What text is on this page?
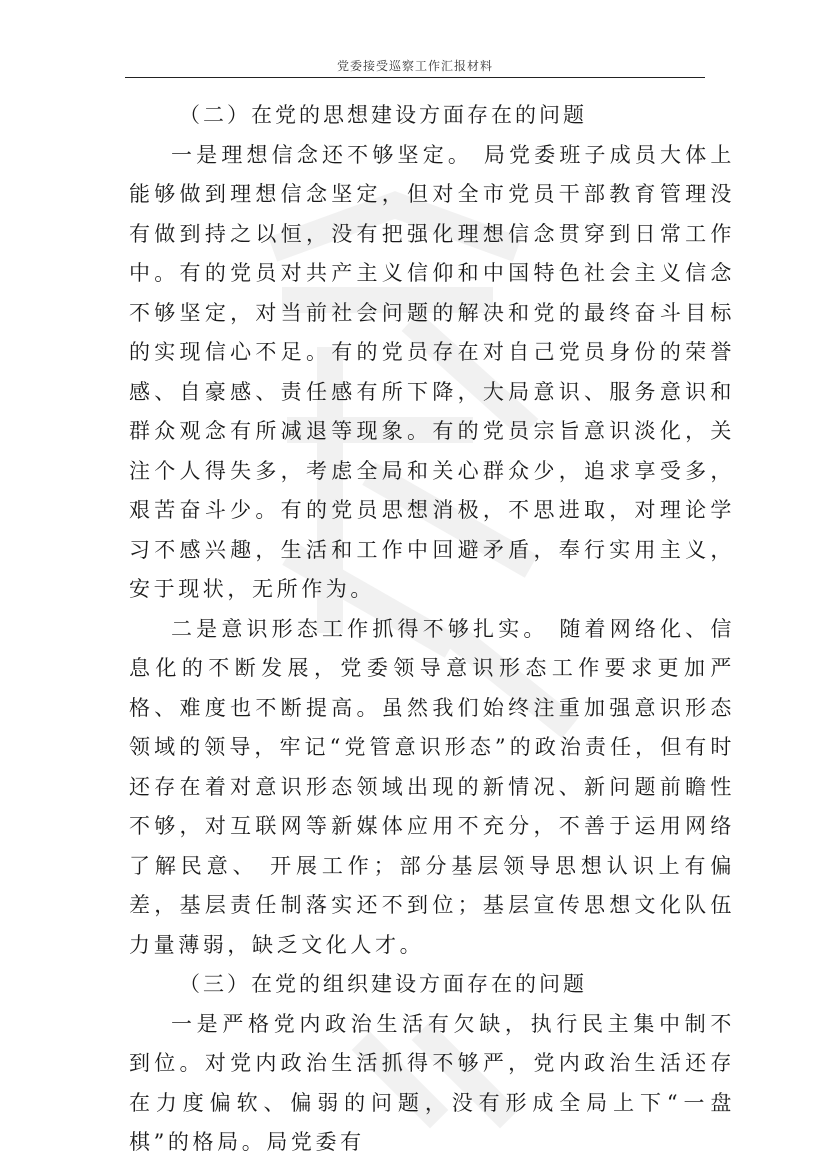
党委接受巡察工作汇报材料
（二）在党的思想建设方面存在的问题

一是理想信念还不够坚定。 局党委班子成员大体上能够做到理想信念坚定，但对全市党员干部教育管理没有做到持之以恒，没有把强化理想信念贯穿到日常工作中。有的党员对共产主义信仰和中国特色社会主义信念不够坚定，对当前社会问题的解决和党的最终奋斗目标的实现信心不足。有的党员存在对自己党员身份的荣誉感、自豪感、责任感有所下降，大局意识、服务意识和群众观念有所减退等现象。有的党员宗旨意识淡化，关注个人得失多，考虑全局和关心群众少，追求享受多， 艰苦奋斗少。有的党员思想消极，不思进取，对理论学习不感兴趣，生活和工作中回避矛盾，奉行实用主义， 安于现状，无所作为。

二是意识形态工作抓得不够扎实。 随着网络化、信息化的不断发展，党委领导意识形态工作要求更加严格、难度也不断提高。虽然我们始终注重加强意识形态领域的领导，牢记“党管意识形态”的政治责任，但有时还存在着对意识形态领域出现的新情况、新问题前瞻性不够，对互联网等新媒体应用不充分，不善于运用网络了解民意、 开展工作；部分基层领导思想认识上有偏差，基层责任制落实还不到位；基层宣传思想文化队伍力量薄弱，缺乏文化人才。

（三）在党的组织建设方面存在的问题

一是严格党内政治生活有欠缺，执行民主集中制不到位。对党内政治生活抓得不够严，党内政治生活还存在力度偏软、偏弱的问题，没有形成全局上下“一盘棋”的格局。局党委有
